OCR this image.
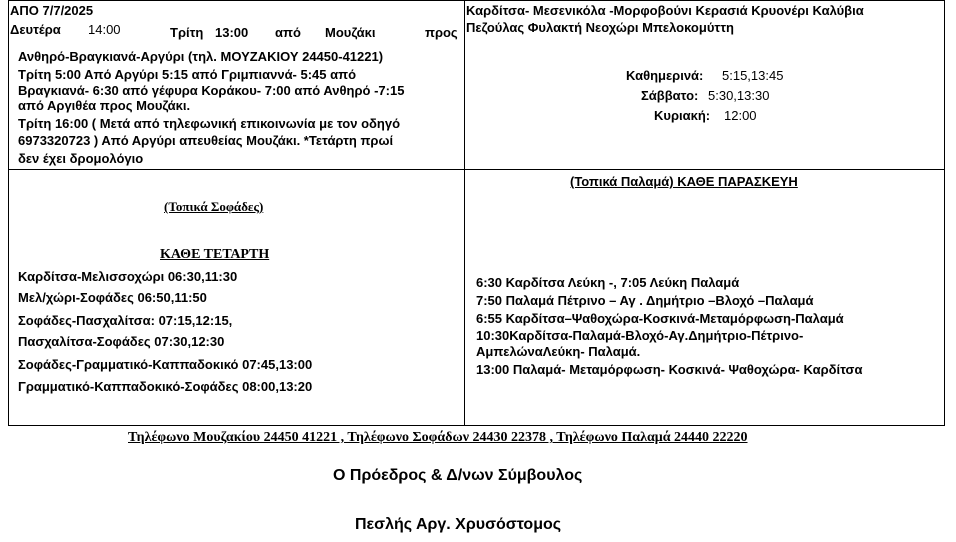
ΑΠΟ 7/7/2025
Δευτέρα 14:00	Τρίτη 13:00 από Μουζάκι	προς
Ανθηρό-Βραγκιανά-Αργύρι (τηλ. ΜΟΥΖΑΚΙΟΥ 24450-41221)
Τρίτη 5:00 Από Αργύρι 5:15 από Γριμπιαννά- 5:45 από
Βραγκιανά- 6:30 από γέφυρα Κοράκου- 7:00 από Ανθηρό -7:15
από Αργιθέα προς Μουζάκι.
Τρίτη 16:00 ( Μετά από τηλεφωνική επικοινωνία με τον οδηγό
6973320723 ) Από Αργύρι απευθείας Μουζάκι. *Τετάρτη πρωί
δεν έχει δρομολόγιο
Καρδίτσα- Μεσενικόλα -Μορφοβούνι Κερασιά Κρυονέρι Καλύβια
Πεζούλας Φυλακτή Νεοχώρι Μπελοκομύττη
Καθημερινά: 5:15,13:45
Σάββατο: 5:30,13:30
Κυριακή: 12:00
(Τοπικά Σοφάδες)
ΚΑΘΕ ΤΕΤΑΡΤΗ
Καρδίτσα-Μελισσοχώρι 06:30,11:30
Μελ/χώρι-Σοφάδες 06:50,11:50
Σοφάδες-Πασχαλίτσα: 07:15,12:15,
Πασχαλίτσα-Σοφάδες 07:30,12:30
Σοφάδες-Γραμματικό-Καππαδοκικό 07:45,13:00
Γραμματικό-Καππαδοκικό-Σοφάδες 08:00,13:20
(Τοπικά Παλαμά) ΚΑΘΕ ΠΑΡΑΣΚΕΥΗ
6:30 Καρδίτσα Λεύκη -, 7:05 Λεύκη Παλαμά
7:50 Παλαμά Πέτρινο – Αγ . Δημήτριο –Βλοχό –Παλαμά
6:55 Καρδίτσα–Ψαθοχώρα-Κοσκινά-Μεταμόρφωση-Παλαμά
10:30Καρδίτσα-Παλαμά-Βλοχό-Αγ.Δημήτριο-Πέτρινο-
ΑμπελώναΛεύκη- Παλαμά.
13:00 Παλαμά- Μεταμόρφωση- Κοσκινά- Ψαθοχώρα- Καρδίτσα
Τηλέφωνο Μουζακίου 24450 41221 , Τηλέφωνο Σοφάδων 24430 22378 , Τηλέφωνο Παλαμά 24440 22220
Ο Πρόεδρος & Δ/νων Σύμβουλος
Πεσλής Αργ. Χρυσόστομος
